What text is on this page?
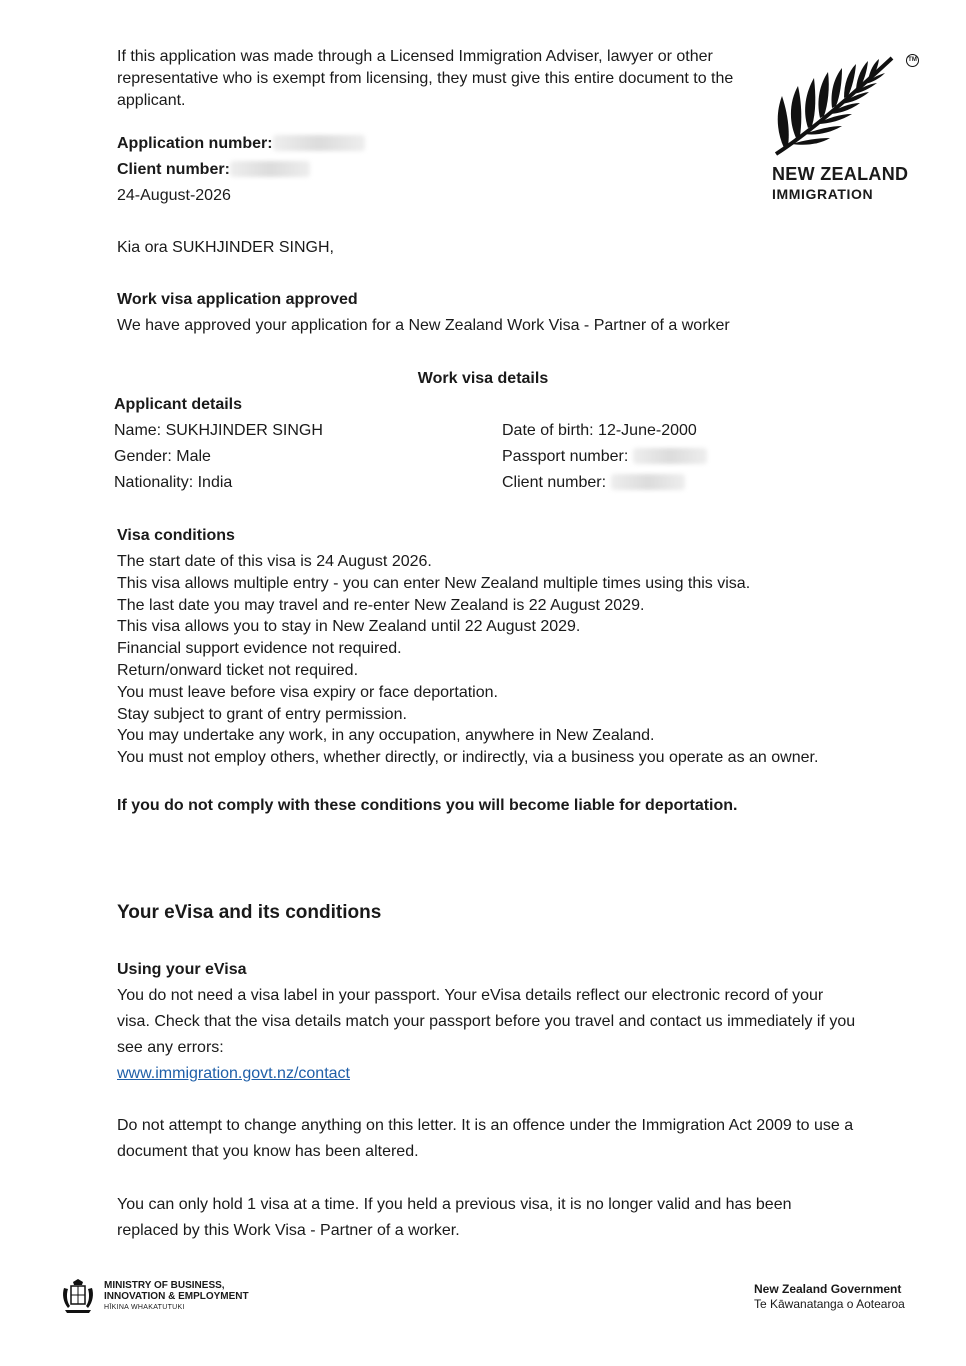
If this application was made through a Licensed Immigration Adviser, lawyer or other representative who is exempt from licensing, they must give this entire document to the applicant.
TM
NEW ZEALAND
IMMIGRATION
Application number:
Client number:
24-August-2026
Kia ora SUKHJINDER SINGH,
Work visa application approved
We have approved your application for a New Zealand Work Visa - Partner of a worker
Work visa details
Applicant details
Name: SUKHJINDER SINGH
Gender: Male
Nationality: India
Date of birth: 12-June-2000
Passport number:
Client number:
Visa conditions
The start date of this visa is 24 August 2026.
This visa allows multiple entry - you can enter New Zealand multiple times using this visa.
The last date you may travel and re-enter New Zealand is 22 August 2029.
This visa allows you to stay in New Zealand until 22 August 2029.
Financial support evidence not required.
Return/onward ticket not required.
You must leave before visa expiry or face deportation.
Stay subject to grant of entry permission.
You may undertake any work, in any occupation, anywhere in New Zealand.
You must not employ others, whether directly, or indirectly, via a business you operate as an owner.
If you do not comply with these conditions you will become liable for deportation.
Your eVisa and its conditions
Using your eVisa
You do not need a visa label in your passport. Your eVisa details reflect our electronic record of your visa. Check that the visa details match your passport before you travel and contact us immediately if you see any errors:
www.immigration.govt.nz/contact
Do not attempt to change anything on this letter. It is an offence under the Immigration Act 2009 to use a document that you know has been altered.
You can only hold 1 visa at a time. If you held a previous visa, it is no longer valid and has been replaced by this Work Visa - Partner of a worker.
MINISTRY OF BUSINESS,
INNOVATION & EMPLOYMENT
HĪKINA WHAKATUTUKI
New Zealand Government
Te Kāwanatanga o Aotearoa
